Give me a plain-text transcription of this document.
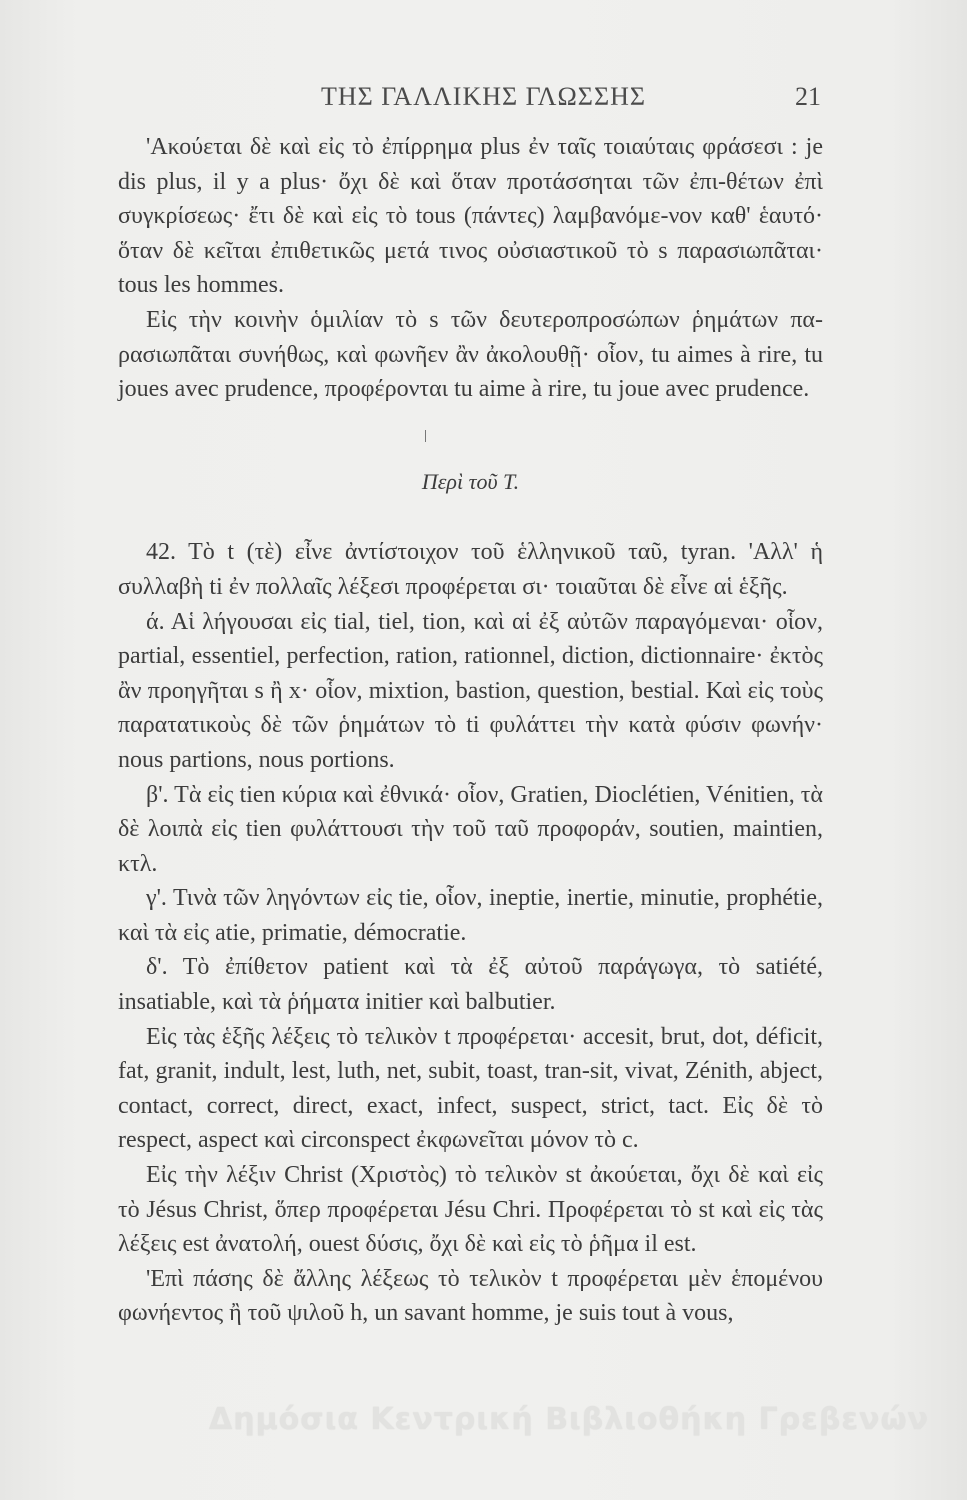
ΤΗΣ ΓΑΛΛΙΚΗΣ ΓΛΩΣΣΗΣ	21

'Ακούεται δὲ καὶ εἰς τὸ ἐπίρρημα plus ἐν ταῖς τοιαύταις φράσεσι : je dis plus, il y a plus· ὄχι δὲ καὶ ὅταν προτάσσηται τῶν ἐπι-θέτων ἐπὶ συγκρίσεως· ἔτι δὲ καὶ εἰς τὸ tous (πάντες) λαμβανόμε-νον καθ' ἑαυτό· ὅταν δὲ κεῖται ἐπιθετικῶς μετά τινος οὐσιαστικοῦ τὸ s παρασιωπᾶται· tous les hommes.

Εἰς τὴν κοινὴν ὁμιλίαν τὸ s τῶν δευτεροπροσώπων ῥημάτων πα-ρασιωπᾶται συνήθως, καὶ φωνῆεν ἂν ἀκολουθῇ· οἷον, tu aimes à rire, tu joues avec prudence, προφέρονται tu aime à rire, tu joue avec prudence.

Περὶ τοῦ Τ.

42. Τὸ t (τὲ) εἶνε ἀντίστοιχον τοῦ ἑλληνικοῦ ταῦ, tyran. 'Αλλ' ἡ συλλαβὴ ti ἐν πολλαῖς λέξεσι προφέρεται σι· τοιαῦται δὲ εἶνε αἱ ἑξῆς.

ά. Αἱ λήγουσαι εἰς tial, tiel, tion, καὶ αἱ ἐξ αὐτῶν παραγόμεναι· οἷον, partial, essentiel, perfection, ration, rationnel, diction, dictionnaire· ἐκτὸς ἂν προηγῆται s ἢ x· οἷον, mixtion, bastion, question, bestial. Καὶ εἰς τοὺς παρατατικοὺς δὲ τῶν ῥημάτων τὸ ti φυλάττει τὴν κατὰ φύσιν φωνήν· nous partions, nous portions.

β'. Τὰ εἰς tien κύρια καὶ ἐθνικά· οἷον, Gratien, Dioclétien, Vénitien, τὰ δὲ λοιπὰ εἰς tien φυλάττουσι τὴν τοῦ ταῦ προφοράν, soutien, maintien, κτλ.

γ'. Τινὰ τῶν ληγόντων εἰς tie, οἷον, ineptie, inertie, minutie, prophétie, καὶ τὰ εἰς atie, primatie, démocratie.

δ'. Τὸ ἐπίθετον patient καὶ τὰ ἐξ αὐτοῦ παράγωγα, τὸ satiété, insatiable, καὶ τὰ ῥήματα initier καὶ balbutier.

Εἰς τὰς ἑξῆς λέξεις τὸ τελικὸν t προφέρεται· accesit, brut, dot, déficit, fat, granit, indult, lest, luth, net, subit, toast, tran-sit, vivat, Zénith, abject, contact, correct, direct, exact, infect, suspect, strict, tact. Εἰς δὲ τὸ respect, aspect καὶ circonspect ἐκφωνεῖται μόνον τὸ c.

Εἰς τὴν λέξιν Christ (Χριστὸς) τὸ τελικὸν st ἀκούεται, ὄχι δὲ καὶ εἰς τὸ Jésus Christ, ὅπερ προφέρεται Jésu Chri. Προφέρεται τὸ st καὶ εἰς τὰς λέξεις est ἀνατολή, ouest δύσις, ὄχι δὲ καὶ εἰς τὸ ῥῆμα il est.

'Επὶ πάσης δὲ ἄλλης λέξεως τὸ τελικὸν t προφέρεται μὲν ἑπομένου φωνήεντος ἢ τοῦ ψιλοῦ h, un savant homme, je suis tout à vous,

Δημόσια Κεντρική Βιβλιοθήκη Γρεβενών
